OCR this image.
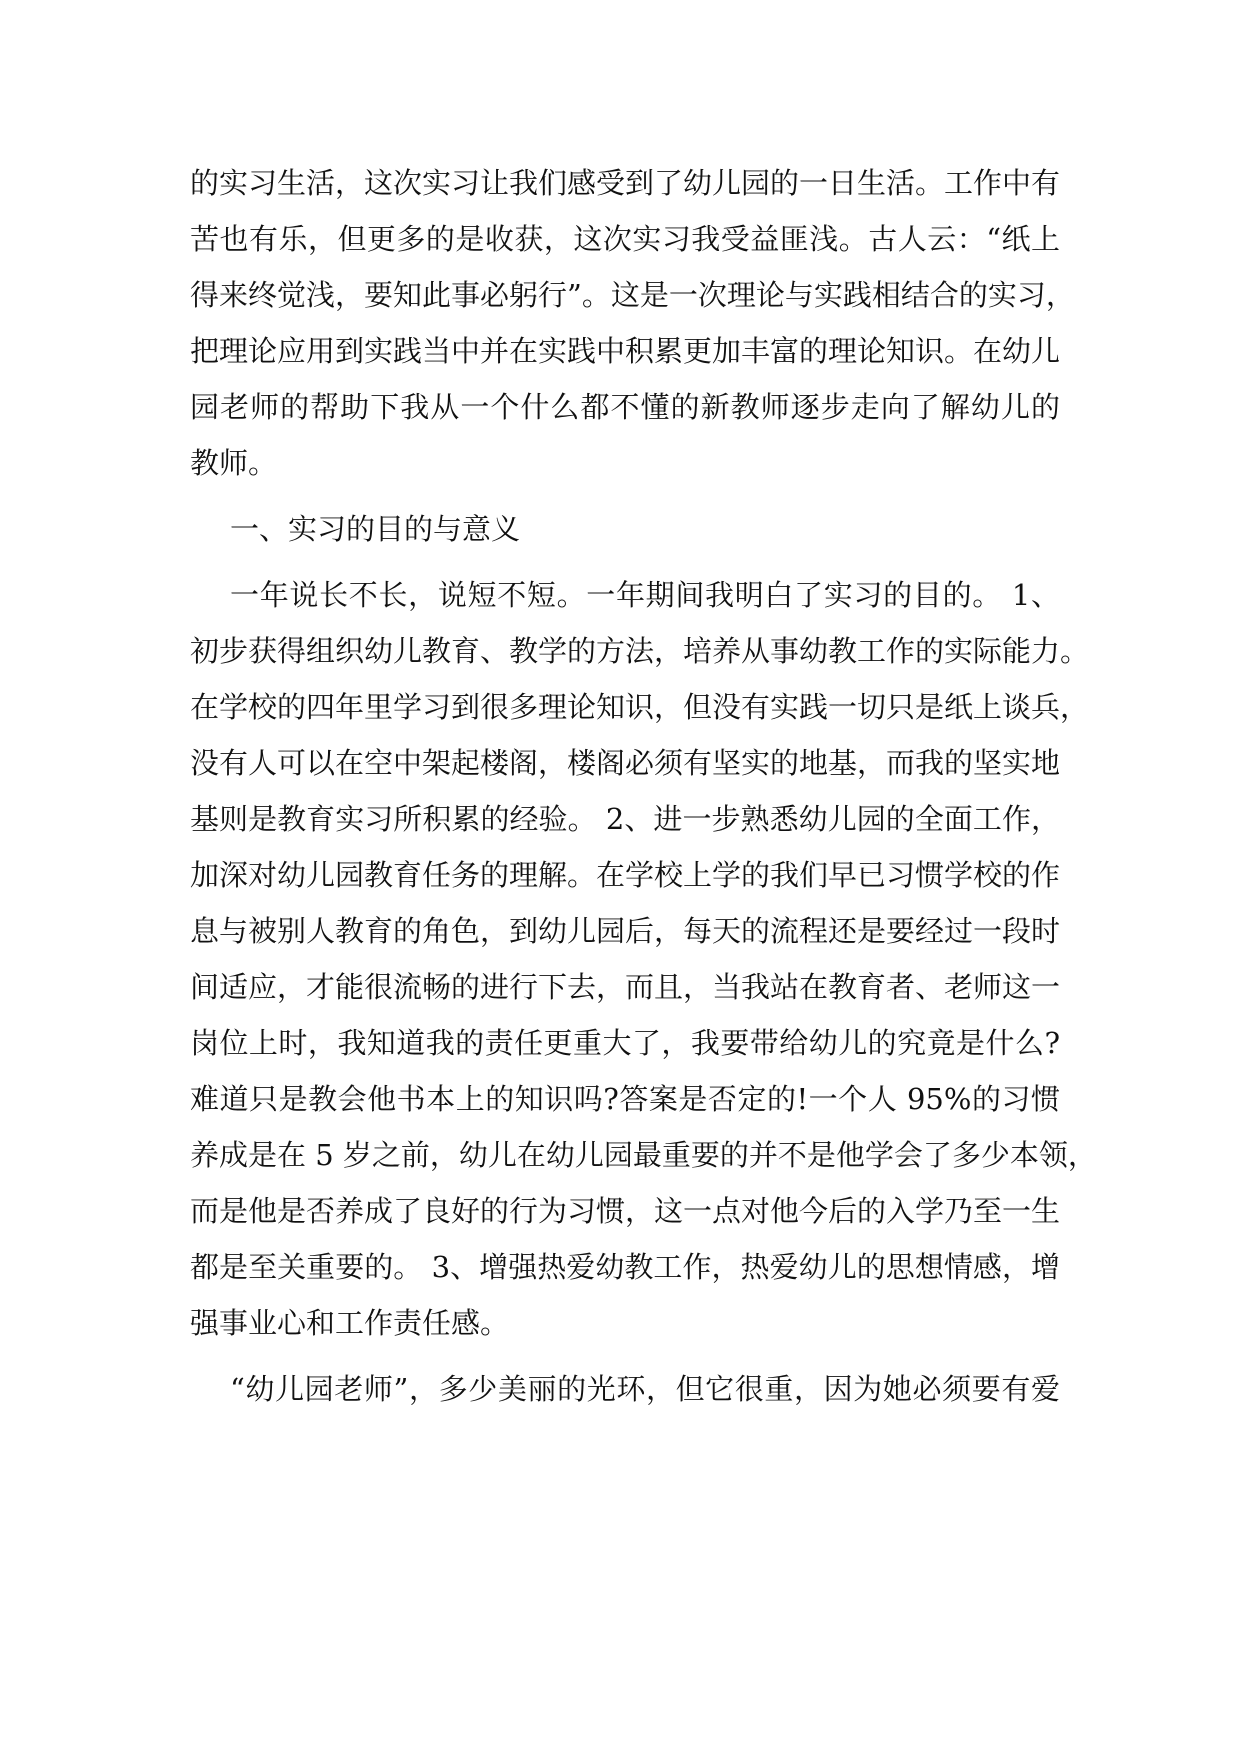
的实习生活，这次实习让我们感受到了幼儿园的一日生活。工作中有
苦也有乐，但更多的是收获，这次实习我受益匪浅。古人云：“纸上
得来终觉浅，要知此事必躬行”。这是一次理论与实践相结合的实习，
把理论应用到实践当中并在实践中积累更加丰富的理论知识。在幼儿
园老师的帮助下我从一个什么都不懂的新教师逐步走向了解幼儿的
教师。
一、实习的目的与意义
一年说长不长，说短不短。一年期间我明白了实习的目的。 1、
初步获得组织幼儿教育、教学的方法，培养从事幼教工作的实际能力。
在学校的四年里学习到很多理论知识，但没有实践一切只是纸上谈兵，
没有人可以在空中架起楼阁，楼阁必须有坚实的地基，而我的坚实地
基则是教育实习所积累的经验。 2、进一步熟悉幼儿园的全面工作，
加深对幼儿园教育任务的理解。在学校上学的我们早已习惯学校的作
息与被别人教育的角色，到幼儿园后，每天的流程还是要经过一段时
间适应，才能很流畅的进行下去，而且，当我站在教育者、老师这一
岗位上时，我知道我的责任更重大了，我要带给幼儿的究竟是什么?
难道只是教会他书本上的知识吗?答案是否定的!一个人 95%的习惯
养成是在 5 岁之前，幼儿在幼儿园最重要的并不是他学会了多少本领，
而是他是否养成了良好的行为习惯，这一点对他今后的入学乃至一生
都是至关重要的。 3、增强热爱幼教工作，热爱幼儿的思想情感，增
强事业心和工作责任感。
“幼儿园老师”，多少美丽的光环，但它很重，因为她必须要有爱
